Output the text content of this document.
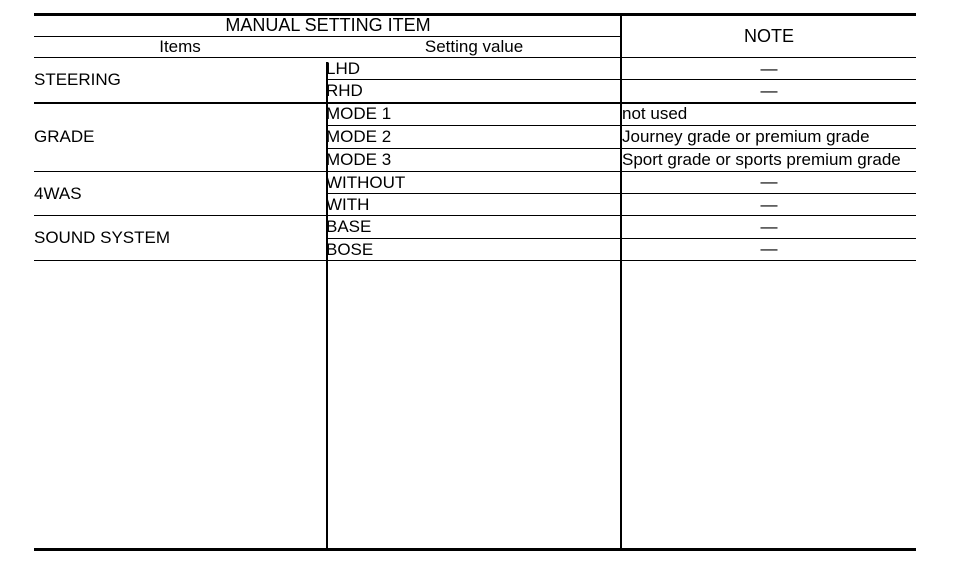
MANUAL SETTING ITEM		NOTE
Items	Setting value	
STEERING	LHD	—
	RHD	—
GRADE	MODE 1	not used
	MODE 2	Journey grade or premium grade
	MODE 3	Sport grade or sports premium grade
4WAS	WITHOUT	—
	WITH	—
SOUND SYSTEM	BASE	—
	BOSE	—
